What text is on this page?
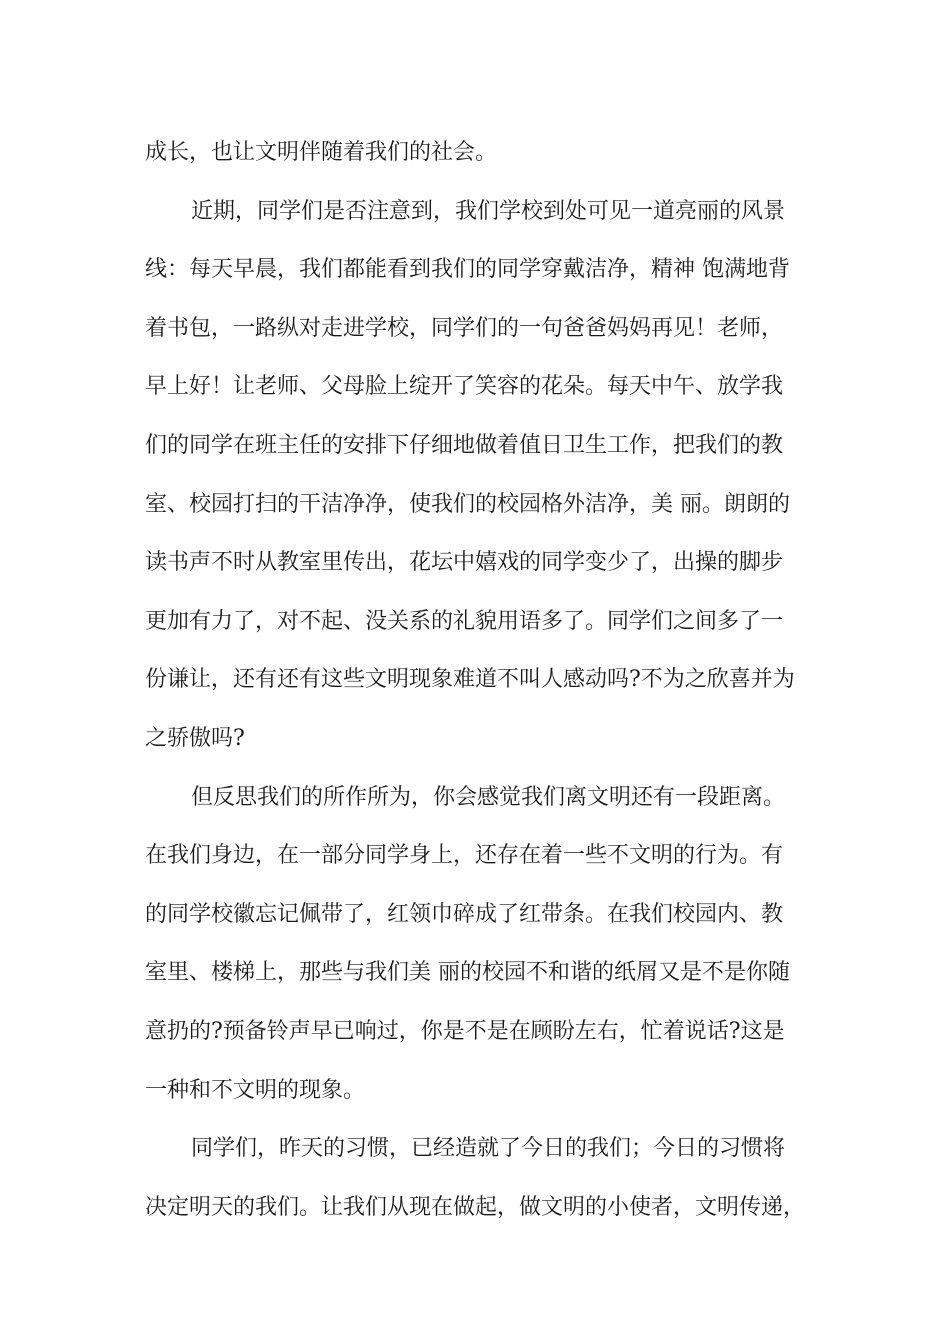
成长，也让文明伴随着我们的社会。
近期，同学们是否注意到，我们学校到处可见一道亮丽的风景
线：每天早晨，我们都能看到我们的同学穿戴洁净，精神 饱满地背
着书包，一路纵对走进学校，同学们的一句爸爸妈妈再见！老师，
早上好！让老师、父母脸上绽开了笑容的花朵。每天中午、放学我
们的同学在班主任的安排下仔细地做着值日卫生工作，把我们的教
室、校园打扫的干洁净净，使我们的校园格外洁净，美 丽。朗朗的
读书声不时从教室里传出，花坛中嬉戏的同学变少了，出操的脚步
更加有力了，对不起、没关系的礼貌用语多了。同学们之间多了一
份谦让，还有还有这些文明现象难道不叫人感动吗?不为之欣喜并为
之骄傲吗?
但反思我们的所作所为，你会感觉我们离文明还有一段距离。
在我们身边，在一部分同学身上，还存在着一些不文明的行为。有
的同学校徽忘记佩带了，红领巾碎成了红带条。在我们校园内、教
室里、楼梯上，那些与我们美 丽的校园不和谐的纸屑又是不是你随
意扔的?预备铃声早已响过，你是不是在顾盼左右，忙着说话?这是
一种和不文明的现象。
同学们，昨天的习惯，已经造就了今日的我们；今日的习惯将
决定明天的我们。让我们从现在做起，做文明的小使者，文明传递，
